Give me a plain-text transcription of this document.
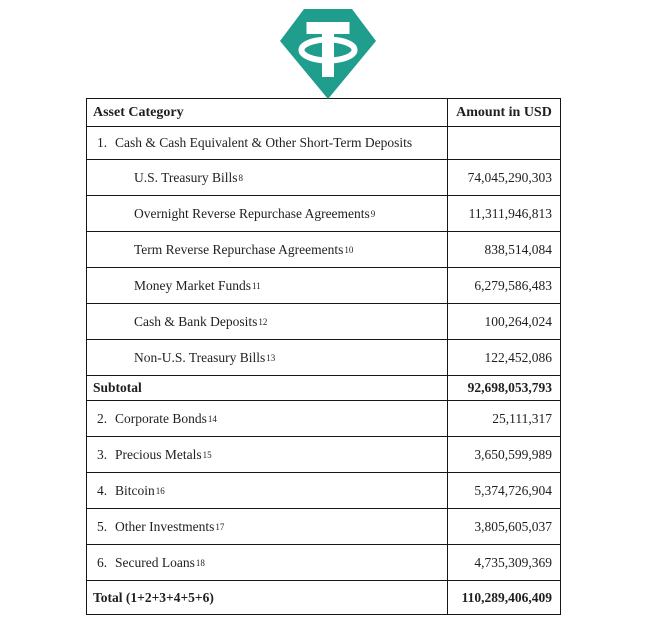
Asset Category	Amount in USD
1. Cash & Cash Equivalent & Other Short-Term Deposits
U.S. Treasury Bills 8	74,045,290,303
Overnight Reverse Repurchase Agreements 9	11,311,946,813
Term Reverse Repurchase Agreements 10	838,514,084
Money Market Funds 11	6,279,586,483
Cash & Bank Deposits 12	100,264,024
Non-U.S. Treasury Bills 13	122,452,086
Subtotal	92,698,053,793
2. Corporate Bonds 14	25,111,317
3. Precious Metals 15	3,650,599,989
4. Bitcoin 16	5,374,726,904
5. Other Investments 17	3,805,605,037
6. Secured Loans 18	4,735,309,369
Total (1+2+3+4+5+6)	110,289,406,409
